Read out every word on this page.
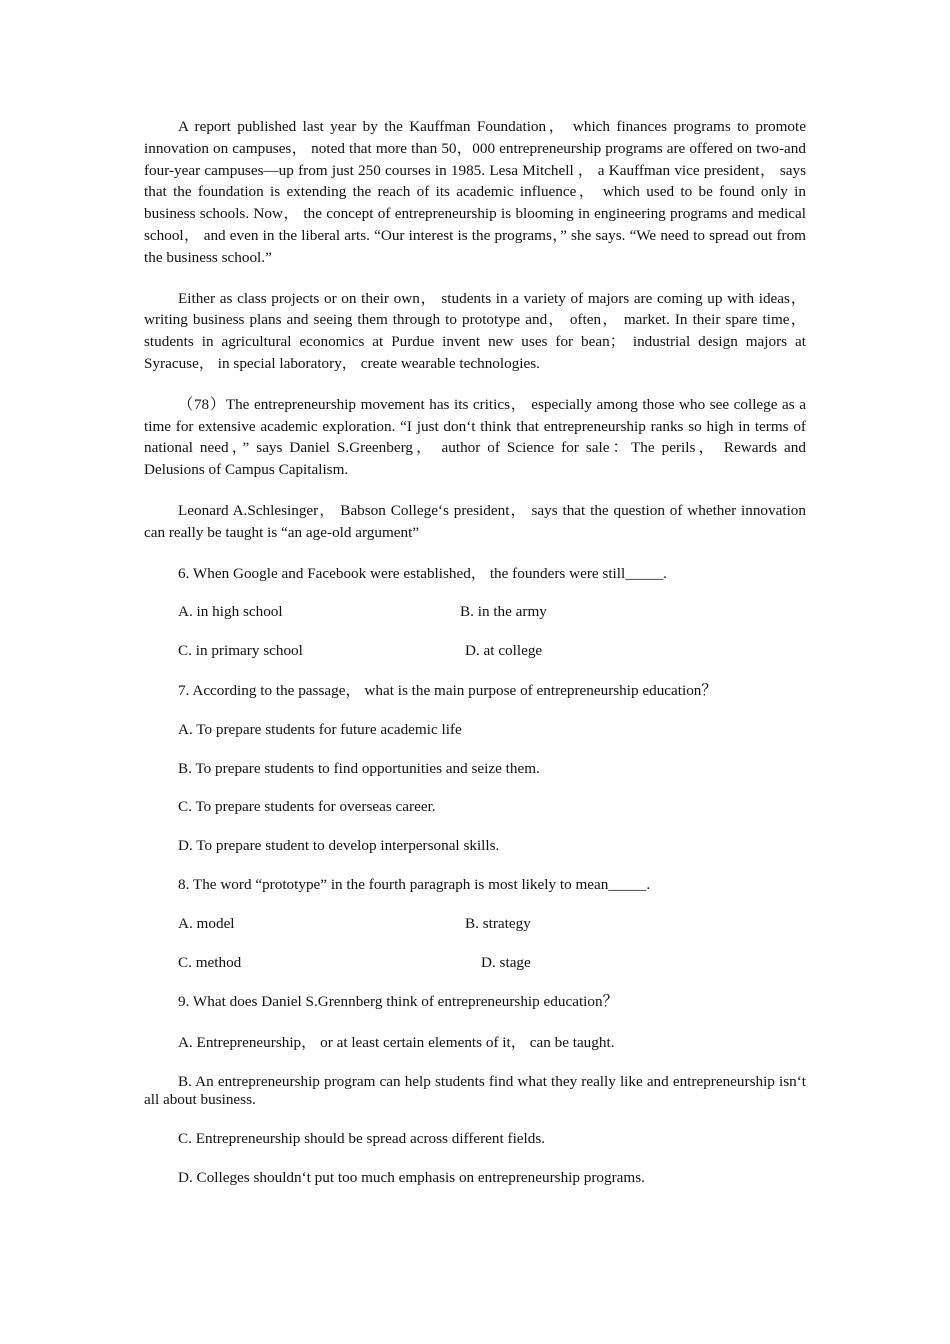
A report published last year by the Kauffman Foundation， which finances programs to promote innovation on campuses， noted that more than 50，000 entrepreneurship programs are offered on two-and four-year campuses—up from just 250 courses in 1985. Lesa Mitchell ， a Kauffman vice president， says that the foundation is extending the reach of its academic influence， which used to be found only in business schools. Now， the concept of entrepreneurship is blooming in engineering programs and medical school， and even in the liberal arts. “Our interest is the programs，” she says. “We need to spread out from the business school.”

Either as class projects or on their own， students in a variety of majors are coming up with ideas， writing business plans and seeing them through to prototype and， often， market. In their spare time， students in agricultural economics at Purdue invent new uses for bean； industrial design majors at Syracuse， in special laboratory， create wearable technologies.

（78）The entrepreneurship movement has its critics， especially among those who see college as a time for extensive academic exploration. “I just don‘t think that entrepreneurship ranks so high in terms of national need，” says Daniel S.Greenberg， author of Science for sale：The perils， Rewards and Delusions of Campus Capitalism.

Leonard A.Schlesinger， Babson College‘s president， says that the question of whether innovation can really be taught is “an age-old argument”

6. When Google and Facebook were established， the founders were still_____.

A. in high school	B. in the army
C. in primary school	D. at college

7. According to the passage， what is the main purpose of entrepreneurship education？

A. To prepare students for future academic life

B. To prepare students to find opportunities and seize them.

C. To prepare students for overseas career.

D. To prepare student to develop interpersonal skills.

8. The word “prototype” in the fourth paragraph is most likely to mean_____.

A. model	B. strategy
C. method	D. stage

9. What does Daniel S.Grennberg think of entrepreneurship education？

A. Entrepreneurship， or at least certain elements of it， can be taught.

B. An entrepreneurship program can help students find what they really like and entrepreneurship isn‘t all about business.

C. Entrepreneurship should be spread across different fields.

D. Colleges shouldn‘t put too much emphasis on entrepreneurship programs.
